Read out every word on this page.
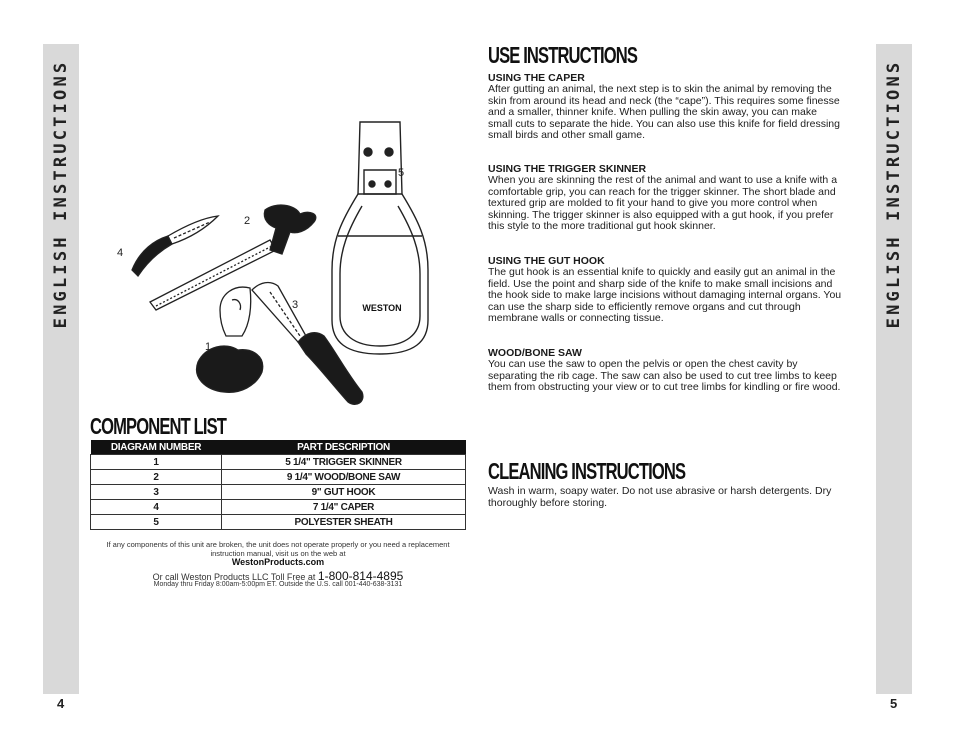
ENGLISH INSTRUCTIONS
4
ENGLISH INSTRUCTIONS
5
5
WESTON
4
2
3
1
COMPONENT LIST
DIAGRAM NUMBER	PART DESCRIPTION
1	5 1/4" TRIGGER SKINNER
2	9 1/4" WOOD/BONE SAW
3	9" GUT HOOK
4	7 1/4" CAPER
5	POLYESTER SHEATH
If any components of this unit are broken, the unit does not operate properly or you need a replacement instruction manual, visit us on the web at
WestonProducts.com
Or call Weston Products LLC Toll Free at 1-800-814-4895
Monday thru Friday 8:00am-5:00pm ET. Outside the U.S. call 001-440-638-3131
USE INSTRUCTIONS

USING THE CAPER

After gutting an animal, the next step is to skin the animal by removing the skin from around its head and neck (the “cape”). This requires some finesse and a smaller, thinner knife. When pulling the skin away, you can make small cuts to separate the hide. You can also use this knife for field dressing small birds and other small game.

USING THE TRIGGER SKINNER

When you are skinning the rest of the animal and want to use a knife with a comfortable grip, you can reach for the trigger skinner. The short blade and textured grip are molded to fit your hand to give you more control when skinning. The trigger skinner is also equipped with a gut hook, if you prefer this style to the more traditional gut hook skinner.

USING THE GUT HOOK

The gut hook is an essential knife to quickly and easily gut an animal in the field. Use the point and sharp side of the knife to make small incisions and the hook side to make large incisions without damaging internal organs. You can use the sharp side to efficiently remove organs and cut through membrane walls or connecting tissue.

WOOD/BONE SAW

You can use the saw to open the pelvis or open the chest cavity by separating the rib cage. The saw can also be used to cut tree limbs to keep them from obstructing your view or to cut tree limbs for kindling or fire wood.

CLEANING INSTRUCTIONS

Wash in warm, soapy water. Do not use abrasive or harsh detergents. Dry thoroughly before storing.
